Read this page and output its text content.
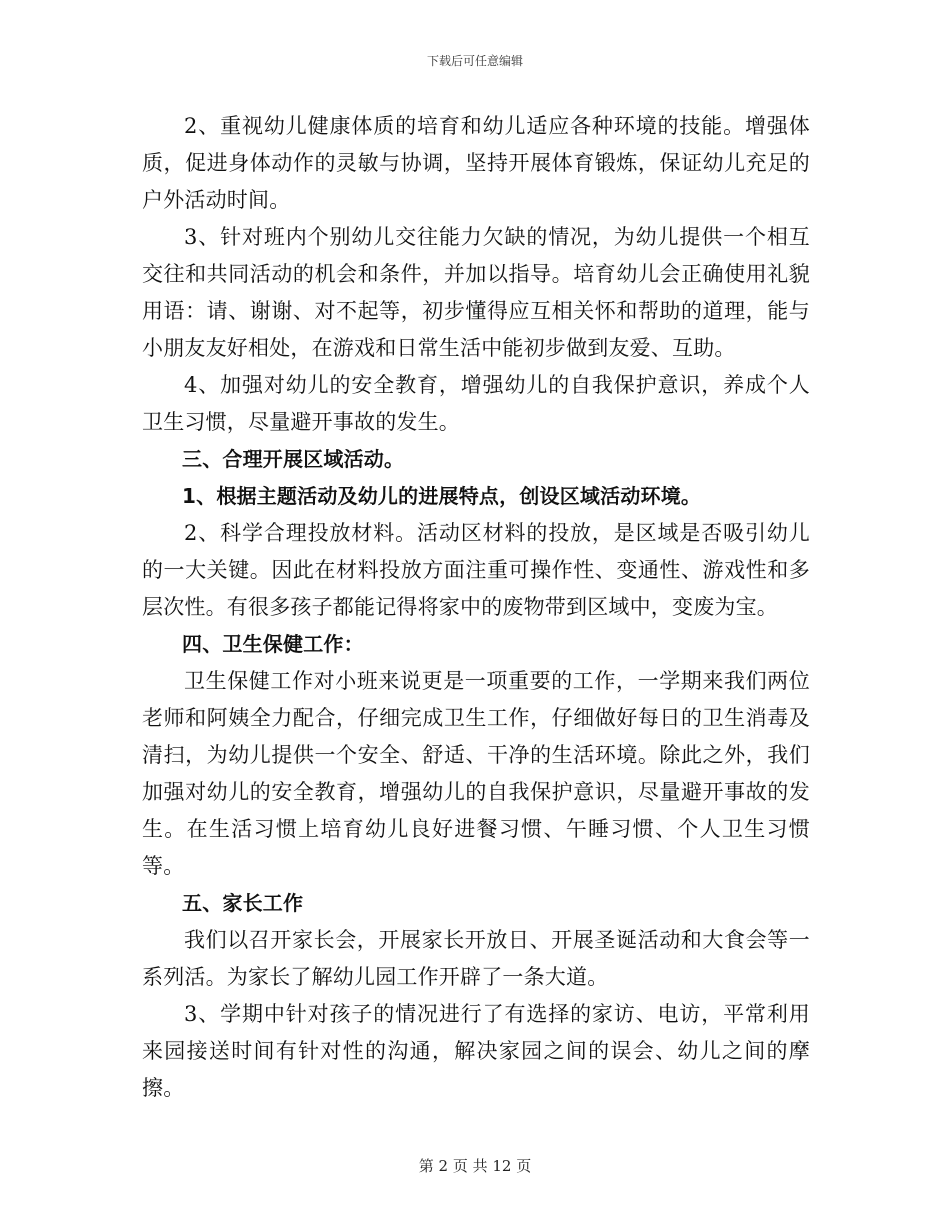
下载后可任意编辑

2、重视幼儿健康体质的培育和幼儿适应各种环境的技能。增强体质，促进身体动作的灵敏与协调，坚持开展体育锻炼，保证幼儿充足的户外活动时间。

3、针对班内个别幼儿交往能力欠缺的情况，为幼儿提供一个相互交往和共同活动的机会和条件，并加以指导。培育幼儿会正确使用礼貌用语：请、谢谢、对不起等，初步懂得应互相关怀和帮助的道理，能与小朋友友好相处，在游戏和日常生活中能初步做到友爱、互助。

4、加强对幼儿的安全教育，增强幼儿的自我保护意识，养成个人卫生习惯，尽量避开事故的发生。

三、合理开展区域活动。

1、根据主题活动及幼儿的进展特点，创设区域活动环境。

2、科学合理投放材料。活动区材料的投放，是区域是否吸引幼儿的一大关键。因此在材料投放方面注重可操作性、变通性、游戏性和多层次性。有很多孩子都能记得将家中的废物带到区域中，变废为宝。

四、卫生保健工作：

卫生保健工作对小班来说更是一项重要的工作，一学期来我们两位老师和阿姨全力配合，仔细完成卫生工作，仔细做好每日的卫生消毒及清扫，为幼儿提供一个安全、舒适、干净的生活环境。除此之外，我们加强对幼儿的安全教育，增强幼儿的自我保护意识，尽量避开事故的发生。在生活习惯上培育幼儿良好进餐习惯、午睡习惯、个人卫生习惯等。

五、家长工作

我们以召开家长会，开展家长开放日、开展圣诞活动和大食会等一系列活。为家长了解幼儿园工作开辟了一条大道。

3、学期中针对孩子的情况进行了有选择的家访、电访，平常利用来园接送时间有针对性的沟通，解决家园之间的误会、幼儿之间的摩擦。

第 2 页 共 12 页
